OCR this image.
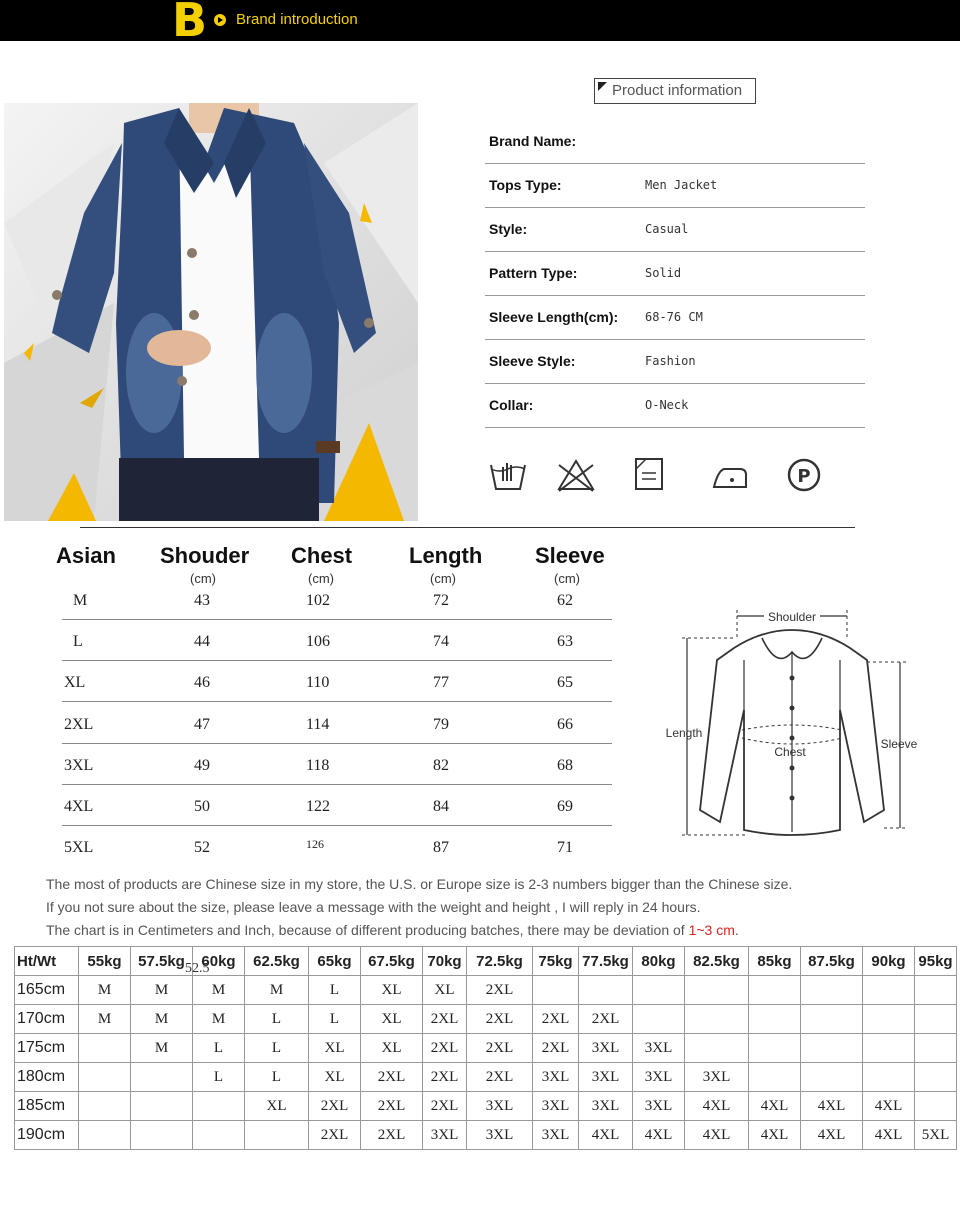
B Brand introduction
Product information
Brand Name:
Tops Type:	Men Jacket
Style:	Casual
Pattern Type:	Solid
Sleeve Length(cm): 68-76 CM
Sleeve Style:	Fashion
Collar:	O-Neck
P
Asian Shouder Chest	Length Sleeve
(cm)	(cm)	(cm)	(cm)
M	43	102	72	62
L	44	106	74	63
XL	46	110	77	65
2XL	47	114	79	66
3XL	49	118	82	68
4XL	50	122	84	69
5XL	52	126	87	71
Shoulder
Length
Chest
Sleeve
The most of products are Chinese size in my store, the U.S. or Europe size is 2-3 numbers bigger than the Chinese size.
If you not sure about the size, please leave a message with the weight and height , I will reply in 24 hours.
The chart is in Centimeters and Inch, because of different producing batches, there may be deviation of 1~3 cm.
Ht/Wt	55kg	57.5kg	60kg	62.5kg	65kg	67.5kg	70kg	72.5kg	75kg	77.5kg	80kg	82.5kg	85kg	87.5kg	90kg	95kg
165cm	M	M	M	M	L	XL	XL	2XL								
170cm	M	M	M	L	L	XL	2XL	2XL	2XL	2XL						
175cm		M	L	L	XL	XL	2XL	2XL	2XL	3XL	3XL					
180cm			L	L	XL	2XL	2XL	2XL	3XL	3XL	3XL	3XL				
185cm				XL	2XL	2XL	2XL	3XL	3XL	3XL	3XL	4XL	4XL	4XL	4XL	
190cm					2XL	2XL	3XL	3XL	3XL	4XL	4XL	4XL	4XL	4XL	4XL	5XL
52.5
